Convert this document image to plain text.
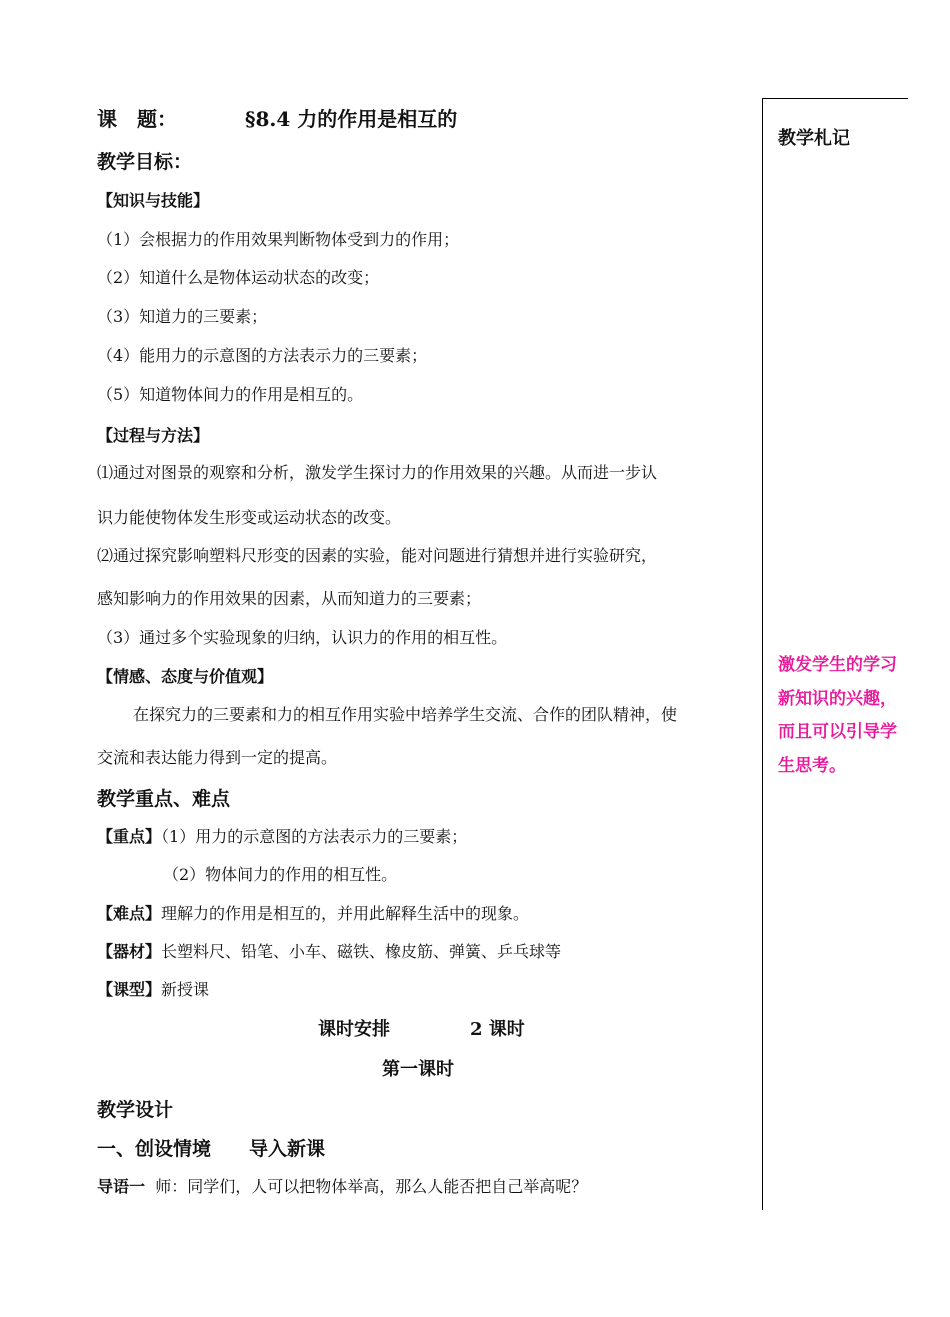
课　题：	§8.4 力的作用是相互的
教学目标：
【知识与技能】
（1）会根据力的作用效果判断物体受到力的作用；
（2）知道什么是物体运动状态的改变；
（3）知道力的三要素；
（4）能用力的示意图的方法表示力的三要素；
（5）知道物体间力的作用是相互的。
【过程与方法】
⑴通过对图景的观察和分析，激发学生探讨力的作用效果的兴趣。从而进一步认
识力能使物体发生形变或运动状态的改变。
⑵通过探究影响塑料尺形变的因素的实验，能对问题进行猜想并进行实验研究，
感知影响力的作用效果的因素，从而知道力的三要素；
（3）通过多个实验现象的归纳，认识力的作用的相互性。
【情感、态度与价值观】
在探究力的三要素和力的相互作用实验中培养学生交流、合作的团队精神，使
交流和表达能力得到一定的提高。
教学重点、难点
【重点】（1）用力的示意图的方法表示力的三要素；
（2）物体间力的作用的相互性。
【难点】理解力的作用是相互的，并用此解释生活中的现象。
【器材】长塑料尺、铅笔、小车、磁铁、橡皮筋、弹簧、乒乓球等
【课型】新授课
教学设计
一、创设情境　　导入新课
导语一 师：同学们，人可以把物体举高，那么人能否把自己举高呢？
课时安排	2 课时
第一课时
教学札记
激发学生的学习
新知识的兴趣，
而且可以引导学
生思考。
